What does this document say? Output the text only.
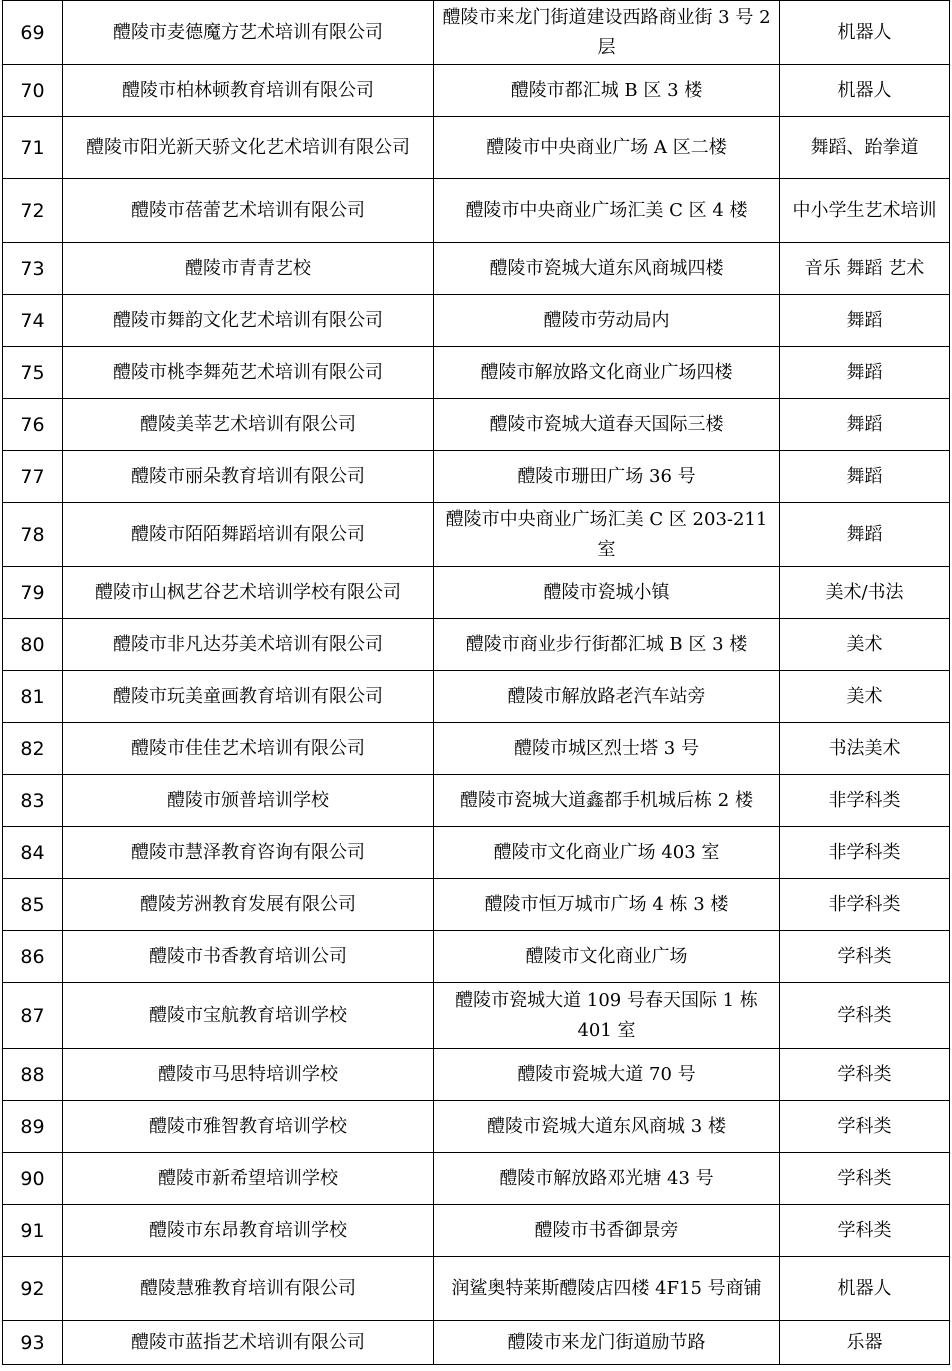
69	醴陵市麦德魔方艺术培训有限公司	醴陵市来龙门街道建设西路商业街 3 号 2 层	机器人
70	醴陵市柏林顿教育培训有限公司	醴陵市都汇城 B 区 3 楼	机器人
71	醴陵市阳光新天骄文化艺术培训有限公司	醴陵市中央商业广场 A 区二楼	舞蹈、跆拳道
72	醴陵市蓓蕾艺术培训有限公司	醴陵市中央商业广场汇美 C 区 4 楼	中小学生艺术培训
73	醴陵市青青艺校	醴陵市瓷城大道东风商城四楼	音乐 舞蹈 艺术
74	醴陵市舞韵文化艺术培训有限公司	醴陵市劳动局内	舞蹈
75	醴陵市桃李舞苑艺术培训有限公司	醴陵市解放路文化商业广场四楼	舞蹈
76	醴陵美莘艺术培训有限公司	醴陵市瓷城大道春天国际三楼	舞蹈
77	醴陵市丽朵教育培训有限公司	醴陵市珊田广场 36 号	舞蹈
78	醴陵市陌陌舞蹈培训有限公司	醴陵市中央商业广场汇美 C 区 203-211 室	舞蹈
79	醴陵市山枫艺谷艺术培训学校有限公司	醴陵市瓷城小镇	美术/书法
80	醴陵市非凡达芬美术培训有限公司	醴陵市商业步行街都汇城 B 区 3 楼	美术
81	醴陵市玩美童画教育培训有限公司	醴陵市解放路老汽车站旁	美术
82	醴陵市佳佳艺术培训有限公司	醴陵市城区烈士塔 3 号	书法美术
83	醴陵市颁普培训学校	醴陵市瓷城大道鑫都手机城后栋 2 楼	非学科类
84	醴陵市慧泽教育咨询有限公司	醴陵市文化商业广场 403 室	非学科类
85	醴陵芳洲教育发展有限公司	醴陵市恒万城市广场 4 栋 3 楼	非学科类
86	醴陵市书香教育培训公司	醴陵市文化商业广场	学科类
87	醴陵市宝航教育培训学校	醴陵市瓷城大道 109 号春天国际 1 栋 401 室	学科类
88	醴陵市马思特培训学校	醴陵市瓷城大道 70 号	学科类
89	醴陵市雅智教育培训学校	醴陵市瓷城大道东风商城 3 楼	学科类
90	醴陵市新希望培训学校	醴陵市解放路邓光塘 43 号	学科类
91	醴陵市东昂教育培训学校	醴陵市书香御景旁	学科类
92	醴陵慧雅教育培训有限公司	润鲨奥特莱斯醴陵店四楼 4F15 号商铺	机器人
93	醴陵市蓝指艺术培训有限公司	醴陵市来龙门街道励节路	乐器
